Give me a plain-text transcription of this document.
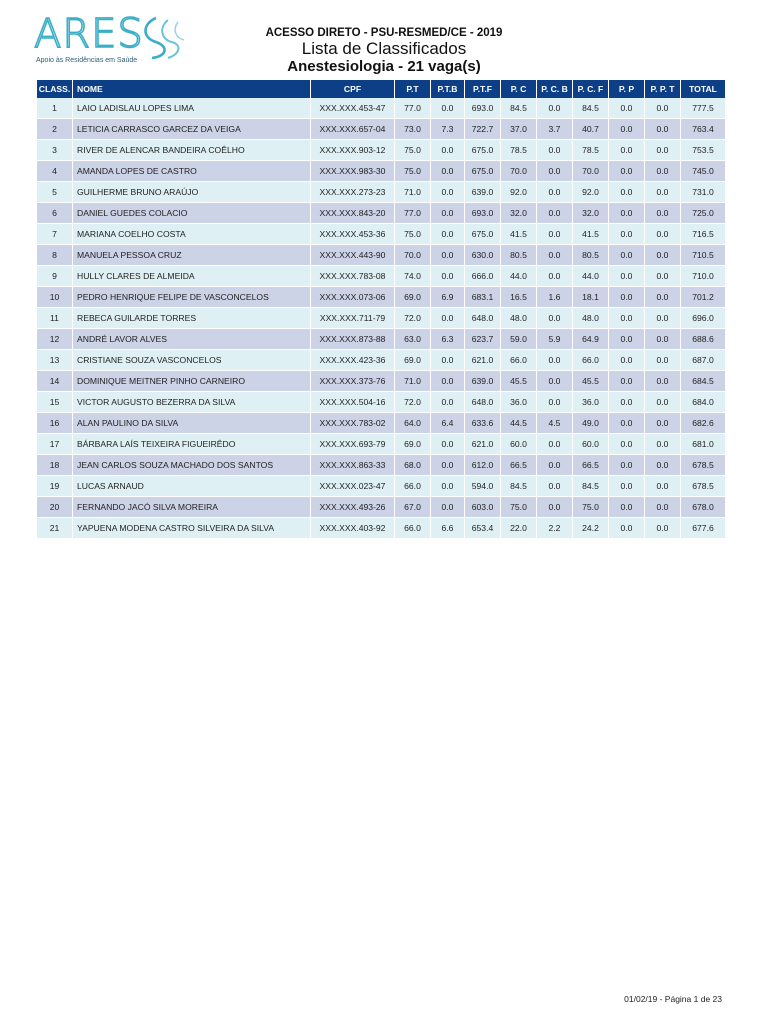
ARES
Apoio às Residências em Saúde
ACESSO DIRETO - PSU-RESMED/CE - 2019
Lista de Classificados
Anestesiologia - 21 vaga(s)
CLASS.	NOME	CPF	P.T	P.T.B	P.T.F	P. C	P. C. B	P. C. F	P. P	P. P. T	TOTAL
1	LAIO LADISLAU LOPES LIMA	XXX.XXX.453-47	77.0	0.0	693.0	84.5	0.0	84.5	0.0	0.0	777.5
2	LETICIA CARRASCO GARCEZ DA VEIGA	XXX.XXX.657-04	73.0	7.3	722.7	37.0	3.7	40.7	0.0	0.0	763.4
3	RIVER DE ALENCAR BANDEIRA COÊLHO	XXX.XXX.903-12	75.0	0.0	675.0	78.5	0.0	78.5	0.0	0.0	753.5
4	AMANDA LOPES DE CASTRO	XXX.XXX.983-30	75.0	0.0	675.0	70.0	0.0	70.0	0.0	0.0	745.0
5	GUILHERME BRUNO ARAÚJO	XXX.XXX.273-23	71.0	0.0	639.0	92.0	0.0	92.0	0.0	0.0	731.0
6	DANIEL GUEDES COLACIO	XXX.XXX.843-20	77.0	0.0	693.0	32.0	0.0	32.0	0.0	0.0	725.0
7	MARIANA COELHO COSTA	XXX.XXX.453-36	75.0	0.0	675.0	41.5	0.0	41.5	0.0	0.0	716.5
8	MANUELA PESSOA CRUZ	XXX.XXX.443-90	70.0	0.0	630.0	80.5	0.0	80.5	0.0	0.0	710.5
9	HULLY CLARES DE ALMEIDA	XXX.XXX.783-08	74.0	0.0	666.0	44.0	0.0	44.0	0.0	0.0	710.0
10	PEDRO HENRIQUE FELIPE DE VASCONCELOS	XXX.XXX.073-06	69.0	6.9	683.1	16.5	1.6	18.1	0.0	0.0	701.2
11	REBECA GUILARDE TORRES	XXX.XXX.711-79	72.0	0.0	648.0	48.0	0.0	48.0	0.0	0.0	696.0
12	ANDRÉ LAVOR ALVES	XXX.XXX.873-88	63.0	6.3	623.7	59.0	5.9	64.9	0.0	0.0	688.6
13	CRISTIANE SOUZA VASCONCELOS	XXX.XXX.423-36	69.0	0.0	621.0	66.0	0.0	66.0	0.0	0.0	687.0
14	DOMINIQUE MEITNER PINHO CARNEIRO	XXX.XXX.373-76	71.0	0.0	639.0	45.5	0.0	45.5	0.0	0.0	684.5
15	VICTOR AUGUSTO BEZERRA DA SILVA	XXX.XXX.504-16	72.0	0.0	648.0	36.0	0.0	36.0	0.0	0.0	684.0
16	ALAN PAULINO DA SILVA	XXX.XXX.783-02	64.0	6.4	633.6	44.5	4.5	49.0	0.0	0.0	682.6
17	BÁRBARA LAÍS TEIXEIRA FIGUEIRÊDO	XXX.XXX.693-79	69.0	0.0	621.0	60.0	0.0	60.0	0.0	0.0	681.0
18	JEAN CARLOS SOUZA MACHADO DOS SANTOS	XXX.XXX.863-33	68.0	0.0	612.0	66.5	0.0	66.5	0.0	0.0	678.5
19	LUCAS ARNAUD	XXX.XXX.023-47	66.0	0.0	594.0	84.5	0.0	84.5	0.0	0.0	678.5
20	FERNANDO JACÓ SILVA MOREIRA	XXX.XXX.493-26	67.0	0.0	603.0	75.0	0.0	75.0	0.0	0.0	678.0
21	YAPUENA MODENA CASTRO SILVEIRA DA SILVA	XXX.XXX.403-92	66.0	6.6	653.4	22.0	2.2	24.2	0.0	0.0	677.6
01/02/19 - Página 1 de 23
